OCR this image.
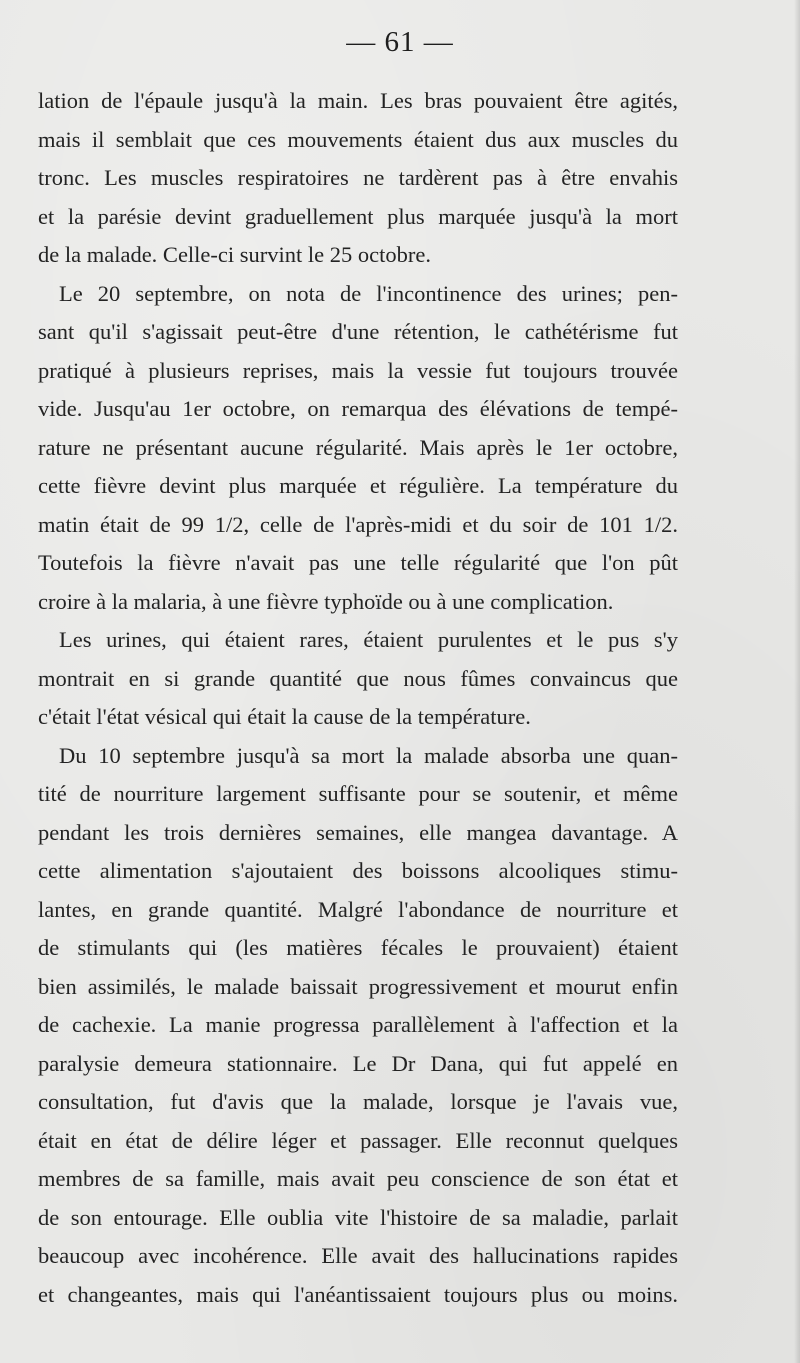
— 61 —
lation de l'épaule jusqu'à la main. Les bras pouvaient être agités,
mais il semblait que ces mouvements étaient dus aux muscles du
tronc. Les muscles respiratoires ne tardèrent pas à être envahis
et la parésie devint graduellement plus marquée jusqu'à la mort
de la malade. Celle-ci survint le 25 octobre.
Le 20 septembre, on nota de l'incontinence des urines; pen-
sant qu'il s'agissait peut-être d'une rétention, le cathétérisme fut
pratiqué à plusieurs reprises, mais la vessie fut toujours trouvée
vide. Jusqu'au 1er octobre, on remarqua des élévations de tempé-
rature ne présentant aucune régularité. Mais après le 1er octobre,
cette fièvre devint plus marquée et régulière. La température du
matin était de 99 1/2, celle de l'après-midi et du soir de 101 1/2.
Toutefois la fièvre n'avait pas une telle régularité que l'on pût
croire à la malaria, à une fièvre typhoïde ou à une complication.
Les urines, qui étaient rares, étaient purulentes et le pus s'y
montrait en si grande quantité que nous fûmes convaincus que
c'était l'état vésical qui était la cause de la température.
Du 10 septembre jusqu'à sa mort la malade absorba une quan-
tité de nourriture largement suffisante pour se soutenir, et même
pendant les trois dernières semaines, elle mangea davantage. A
cette alimentation s'ajoutaient des boissons alcooliques stimu-
lantes, en grande quantité. Malgré l'abondance de nourriture et
de stimulants qui (les matières fécales le prouvaient) étaient
bien assimilés, le malade baissait progressivement et mourut enfin
de cachexie. La manie progressa parallèlement à l'affection et la
paralysie demeura stationnaire. Le Dr Dana, qui fut appelé en
consultation, fut d'avis que la malade, lorsque je l'avais vue,
était en état de délire léger et passager. Elle reconnut quelques
membres de sa famille, mais avait peu conscience de son état et
de son entourage. Elle oublia vite l'histoire de sa maladie, parlait
beaucoup avec incohérence. Elle avait des hallucinations rapides
et changeantes, mais qui l'anéantissaient toujours plus ou moins.
